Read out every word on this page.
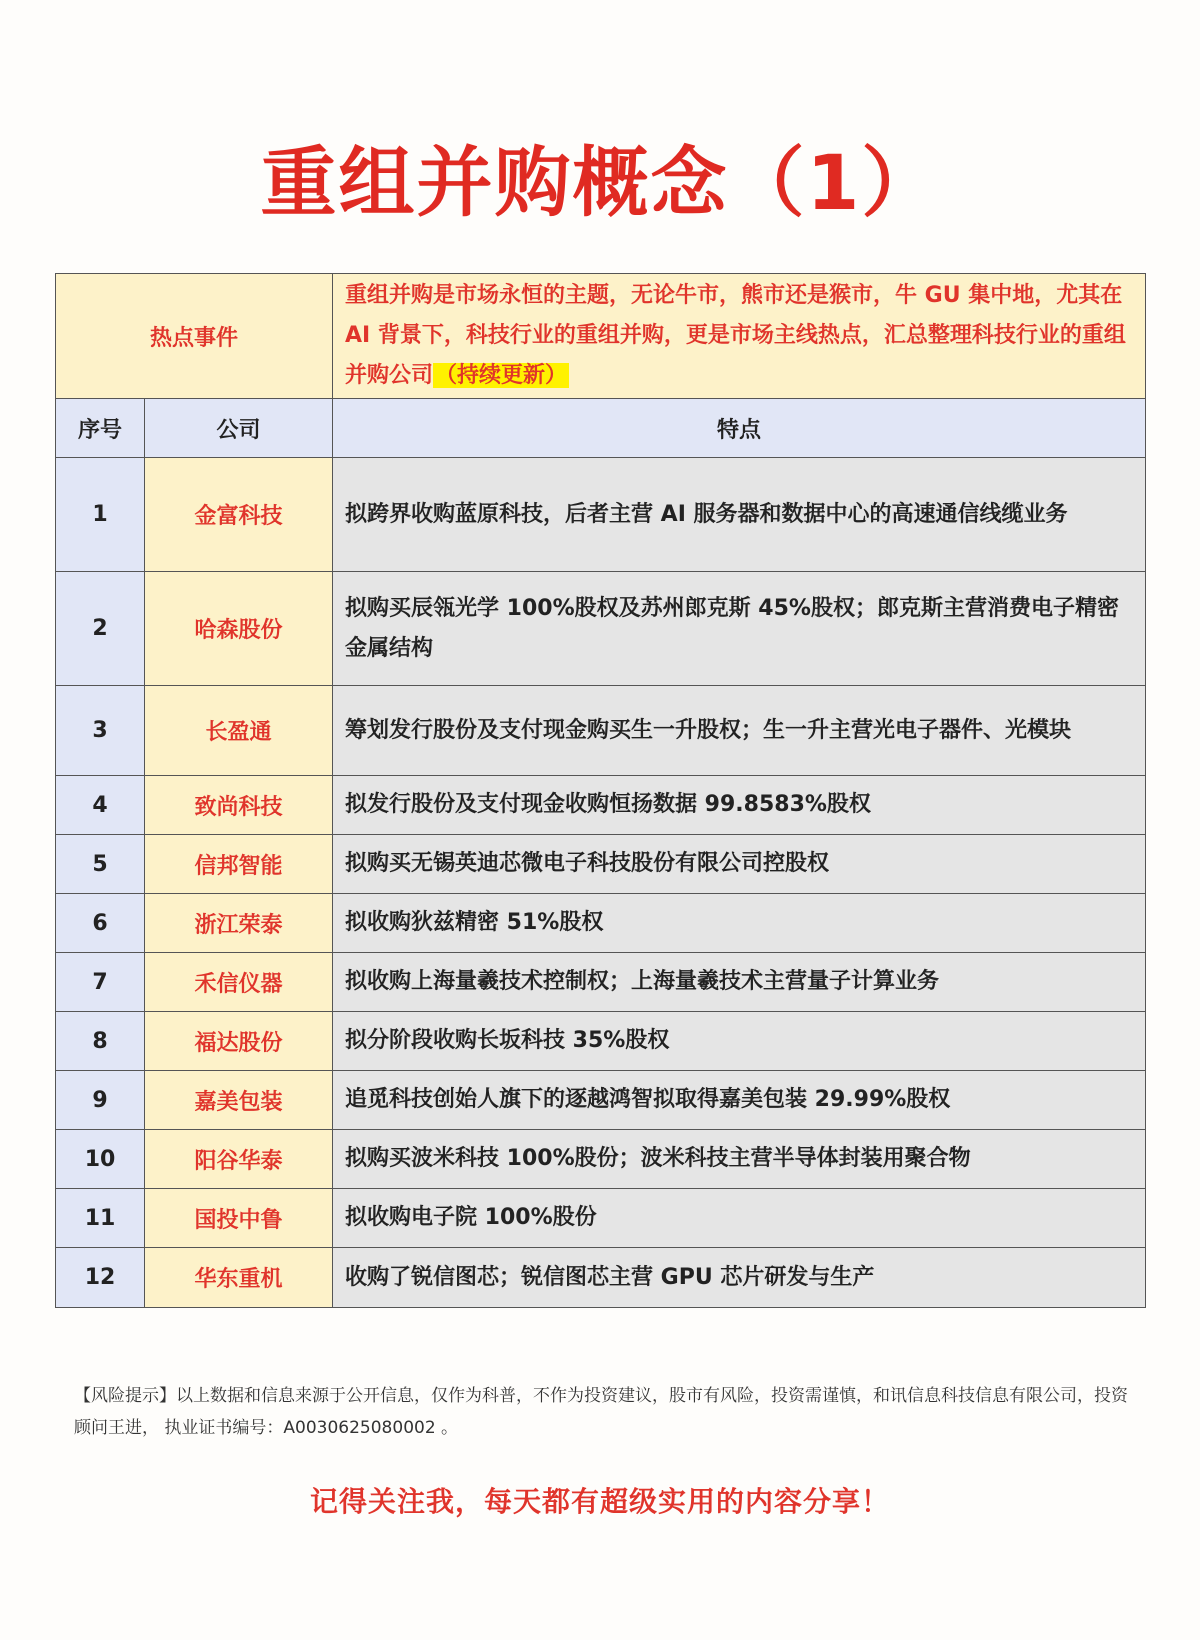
重组并购概念（1）
热点事件		重组并购是市场永恒的主题，无论牛市，熊市还是猴市，牛 GU 集中地，尤其在 AI 背景下，科技行业的重组并购，更是市场主线热点，汇总整理科技行业的重组并购公司（持续更新）
序号	公司	特点
1	金富科技	拟跨界收购蓝原科技，后者主营 AI 服务器和数据中心的高速通信线缆业务
2	哈森股份	拟购买辰瓴光学 100%股权及苏州郎克斯 45%股权；郎克斯主营消费电子精密金属结构
3	长盈通	筹划发行股份及支付现金购买生一升股权；生一升主营光电子器件、光模块
4	致尚科技	拟发行股份及支付现金收购恒扬数据 99.8583%股权
5	信邦智能	拟购买无锡英迪芯微电子科技股份有限公司控股权
6	浙江荣泰	拟收购狄兹精密 51%股权
7	禾信仪器	拟收购上海量羲技术控制权；上海量羲技术主营量子计算业务
8	福达股份	拟分阶段收购长坂科技 35%股权
9	嘉美包装	追觅科技创始人旗下的逐越鸿智拟取得嘉美包装 29.99%股权
10	阳谷华泰	拟购买波米科技 100%股份；波米科技主营半导体封装用聚合物
11	国投中鲁	拟收购电子院 100%股份
12	华东重机	收购了锐信图芯；锐信图芯主营 GPU 芯片研发与生产
【风险提示】以上数据和信息来源于公开信息，仅作为科普，不作为投资建议，股市有风险，投资需谨慎，和讯信息科技信息有限公司，投资顾问王进， 执业证书编号：A0030625080002 。
记得关注我，每天都有超级实用的内容分享！
